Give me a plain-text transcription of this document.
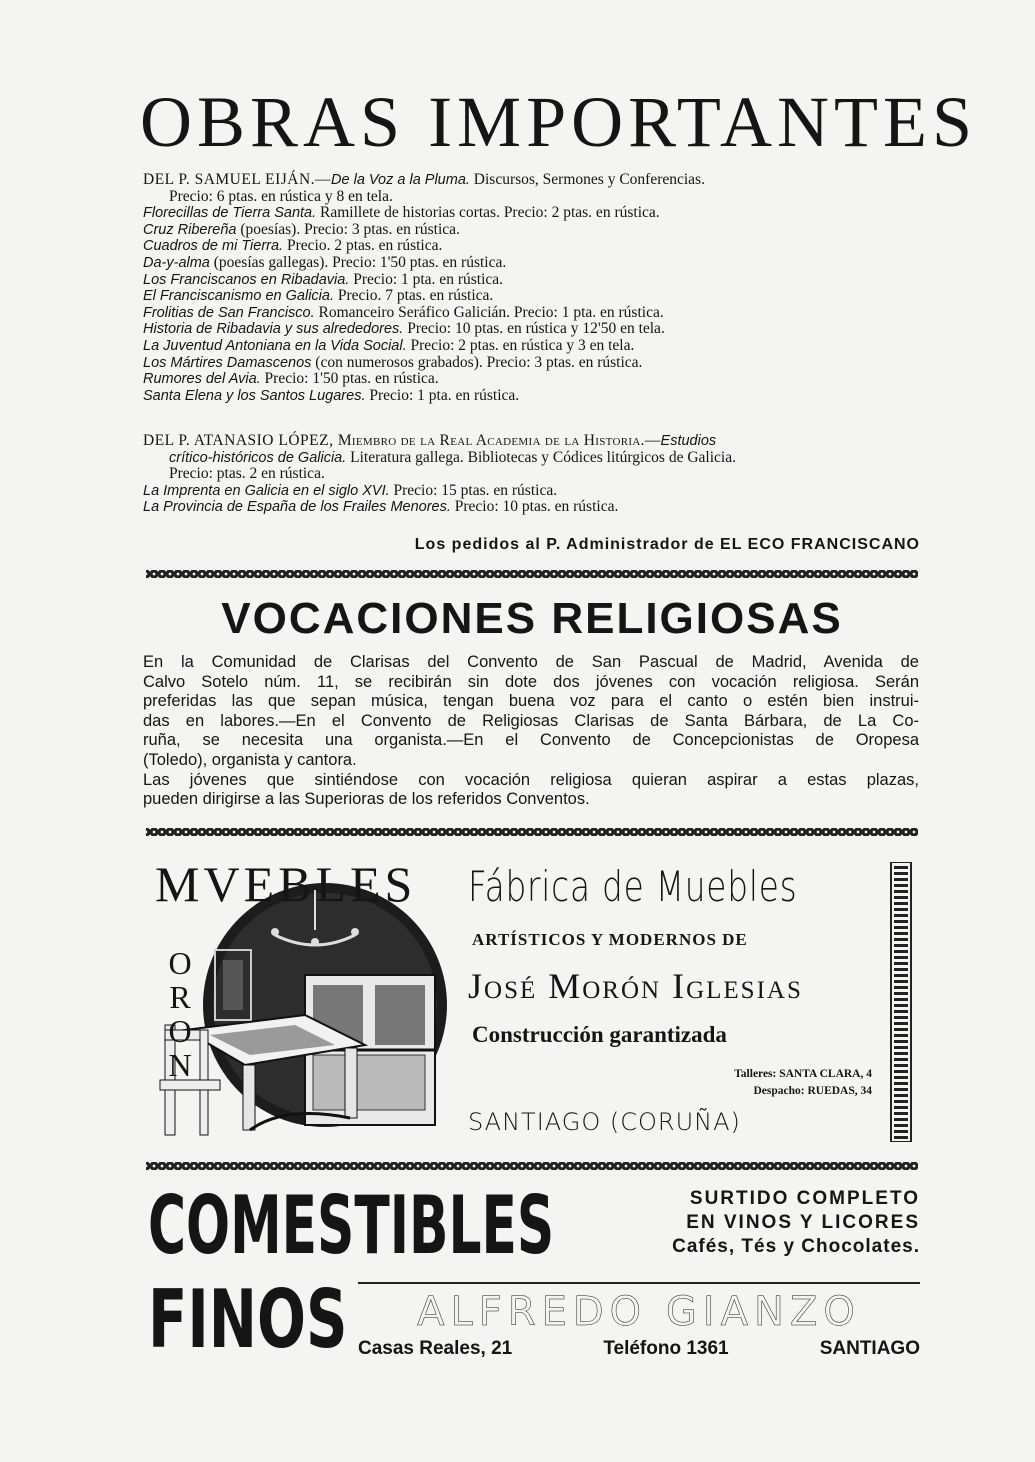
OBRAS IMPORTANTES
DEL P. SAMUEL EIJÁN.—De la Voz a la Pluma. Discursos, Sermones y Conferencias.
Precio: 6 ptas. en rústica y 8 en tela.
Florecillas de Tierra Santa. Ramillete de historias cortas. Precio: 2 ptas. en rústica.
Cruz Ribereña (poesías). Precio: 3 ptas. en rústica.
Cuadros de mi Tierra. Precio. 2 ptas. en rústica.
Da-y-alma (poesías gallegas). Precio: 1'50 ptas. en rústica.
Los Franciscanos en Ribadavia. Precio: 1 pta. en rústica.
El Franciscanismo en Galicia. Precio. 7 ptas. en rústica.
Frolitias de San Francisco. Romanceiro Seráfico Galicián. Precio: 1 pta. en rústica.
Historia de Ribadavia y sus alrededores. Precio: 10 ptas. en rústica y 12'50 en tela.
La Juventud Antoniana en la Vida Social. Precio: 2 ptas. en rústica y 3 en tela.
Los Mártires Damascenos (con numerosos grabados). Precio: 3 ptas. en rústica.
Rumores del Avia. Precio: 1'50 ptas. en rústica.
Santa Elena y los Santos Lugares. Precio: 1 pta. en rústica.
DEL P. ATANASIO LÓPEZ, Miembro de la Real Academia de la Historia.—Estudios
crítico-históricos de Galicia. Literatura gallega. Bibliotecas y Códices litúrgicos de Galicia.
Precio: ptas. 2 en rústica.
La Imprenta en Galicia en el siglo XVI. Precio: 15 ptas. en rústica.
La Provincia de España de los Frailes Menores. Precio: 10 ptas. en rústica.
Los pedidos al P. Administrador de EL ECO FRANCISCANO
VOCACIONES RELIGIOSAS
En la Comunidad de Clarisas del Convento de San Pascual de Madrid, Avenida de
Calvo Sotelo núm. 11, se recibirán sin dote dos jóvenes con vocación religiosa. Serán
preferidas las que sepan música, tengan buena voz para el canto o estén bien instrui-
das en labores.—En el Convento de Religiosas Clarisas de Santa Bárbara, de La Co-
ruña, se necesita una organista.—En el Convento de Concepcionistas de Oropesa
(Toledo), organista y cantora.
Las jóvenes que sintiéndose con vocación religiosa quieran aspirar a estas plazas,
pueden dirigirse a las Superioras de los referidos Conventos.
MVEBLES
O
R
O
N
Fábrica de Muebles
ARTÍSTICOS Y MODERNOS DE
José Morón Iglesias
Construcción garantizada
Talleres: SANTA CLARA, 4
Despacho: RUEDAS, 34
SANTIAGO (CORUÑA)
COMESTIBLES
FINOS
SURTIDO COMPLETO
EN VINOS Y LICORES
Cafés, Tés y Chocolates.
ALFREDO GIANZO
Casas Reales, 21	Teléfono 1361	SANTIAGO
